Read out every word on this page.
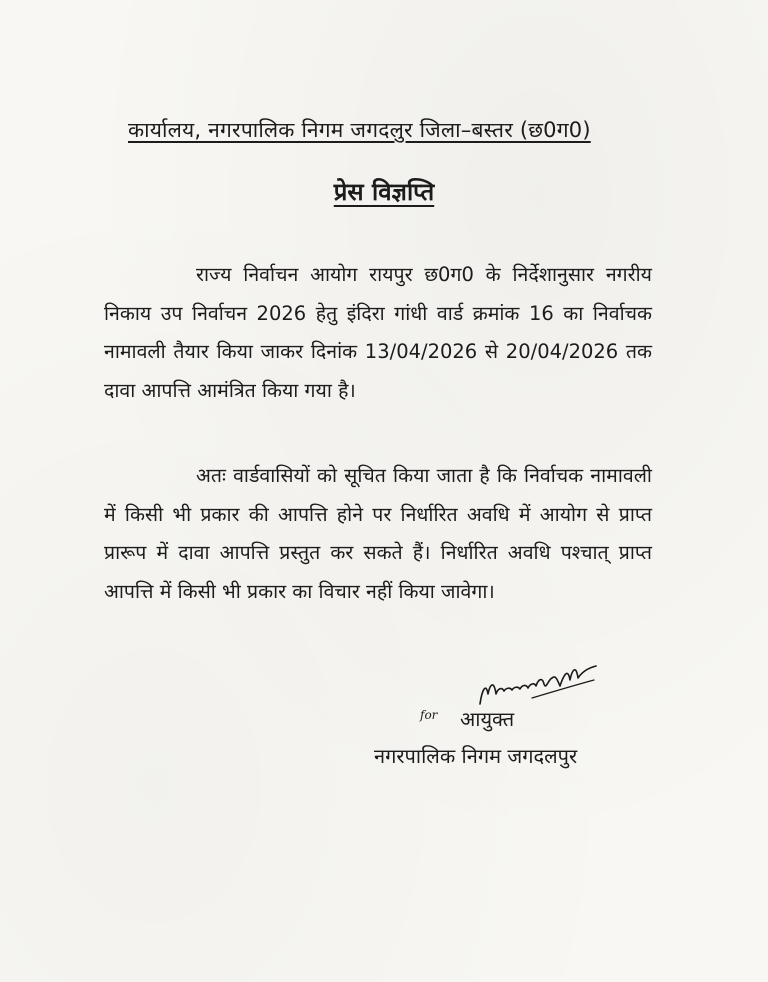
कार्यालय, नगरपालिक निगम जगदलुर जिला–बस्तर (छ0ग0)
प्रेस विज्ञप्ति
राज्य निर्वाचन आयोग रायपुर छ0ग0 के निर्देशानुसार नगरीय निकाय उप निर्वाचन 2026 हेतु इंदिरा गांधी वार्ड क्रमांक 16 का निर्वाचक नामावली तैयार किया जाकर दिनांक 13/04/2026 से 20/04/2026 तक दावा आपत्ति आमंत्रित किया गया है।
अतः वार्डवासियों को सूचित किया जाता है कि निर्वाचक नामावली में किसी भी प्रकार की आपत्ति होने पर निर्धारित अवधि में आयोग से प्राप्त प्रारूप में दावा आपत्ति प्रस्तुत कर सकते हैं। निर्धारित अवधि पश्चात् प्राप्त आपत्ति में किसी भी प्रकार का विचार नहीं किया जावेगा।
for आयुक्त
नगरपालिक निगम जगदलपुर
